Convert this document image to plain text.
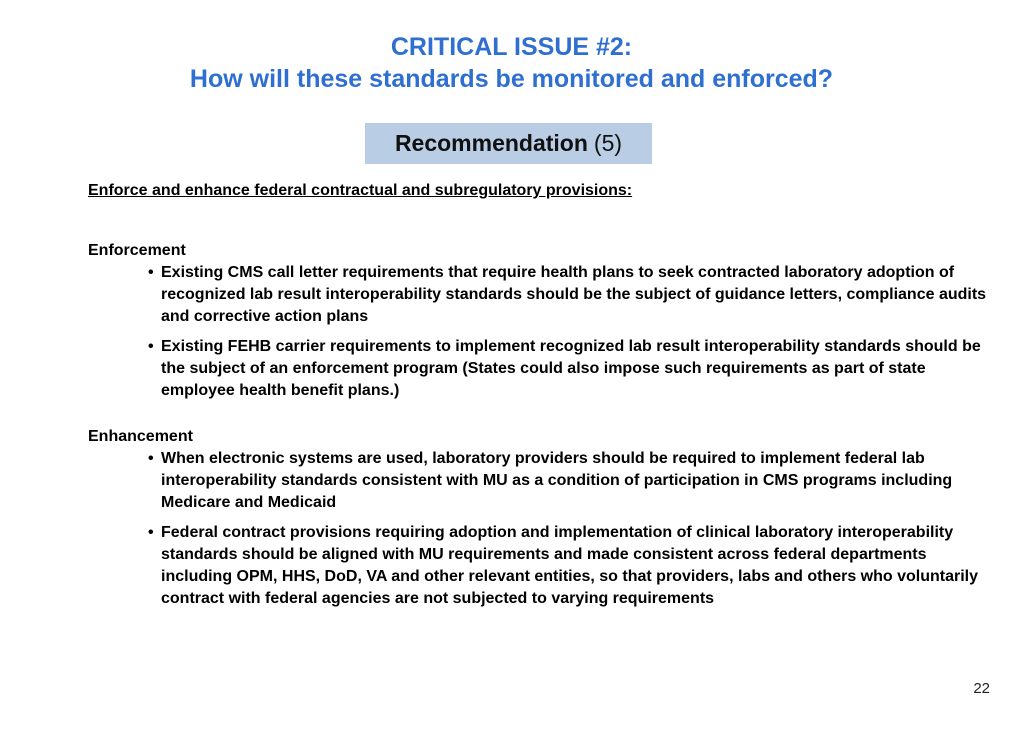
CRITICAL ISSUE #2:
How will these standards be monitored and enforced?
Recommendation (5)

Enforce and enhance federal contractual and subregulatory provisions:

Enforcement

• Existing CMS call letter requirements that require health plans to seek contracted laboratory adoption of recognized lab result interoperability standards should be the subject of guidance letters, compliance audits and corrective action plans
• Existing FEHB carrier requirements to implement recognized lab result interoperability standards should be the subject of an enforcement program (States could also impose such requirements as part of state employee health benefit plans.)

Enhancement

• When electronic systems are used, laboratory providers should be required to implement federal lab interoperability standards consistent with MU as a condition of participation in CMS programs including Medicare and Medicaid
• Federal contract provisions requiring adoption and implementation of clinical laboratory interoperability standards should be aligned with MU requirements and made consistent across federal departments including OPM, HHS, DoD, VA and other relevant entities, so that providers, labs and others who voluntarily contract with federal agencies are not subjected to varying requirements
22
